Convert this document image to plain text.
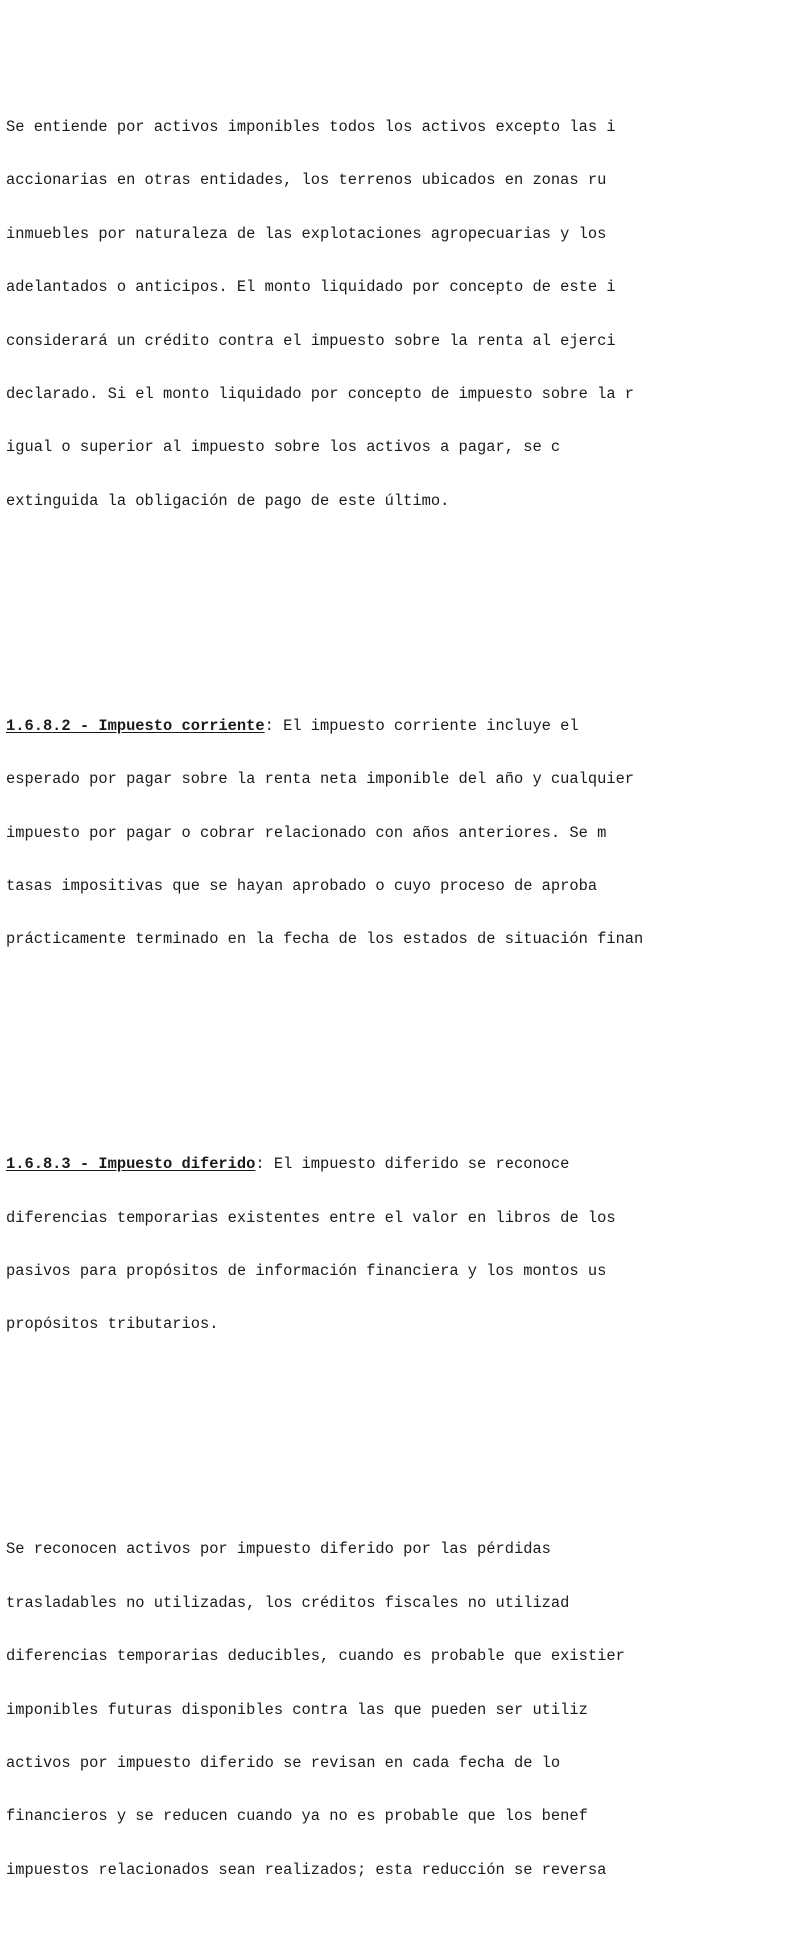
Se entiende por activos imponibles todos los activos excepto las i

accionarias en otras entidades, los terrenos ubicados en zonas ru

inmuebles por naturaleza de las explotaciones agropecuarias y los

adelantados o anticipos. El monto liquidado por concepto de este i

considerará un crédito contra el impuesto sobre la renta al ejerci

declarado. Si el monto liquidado por concepto de impuesto sobre la r

igual o superior al impuesto sobre los activos a pagar, se c

extinguida la obligación de pago de este último.

1.6.8.2 - Impuesto corriente: El impuesto corriente incluye el

esperado por pagar sobre la renta neta imponible del año y cualquier

impuesto por pagar o cobrar relacionado con años anteriores. Se m

tasas impositivas que se hayan aprobado o cuyo proceso de aproba

prácticamente terminado en la fecha de los estados de situación finan

1.6.8.3 - Impuesto diferido: El impuesto diferido se reconoce

diferencias temporarias existentes entre el valor en libros de los

pasivos para propósitos de información financiera y los montos us

propósitos tributarios.

Se reconocen activos por impuesto diferido por las pérdidas

trasladables no utilizadas, los créditos fiscales no utilizad

diferencias temporarias deducibles, cuando es probable que existier

imponibles futuras disponibles contra las que pueden ser utiliz

activos por impuesto diferido se revisan en cada fecha de lo

financieros y se reducen cuando ya no es probable que los benef

impuestos relacionados sean realizados; esta reducción se reversa
